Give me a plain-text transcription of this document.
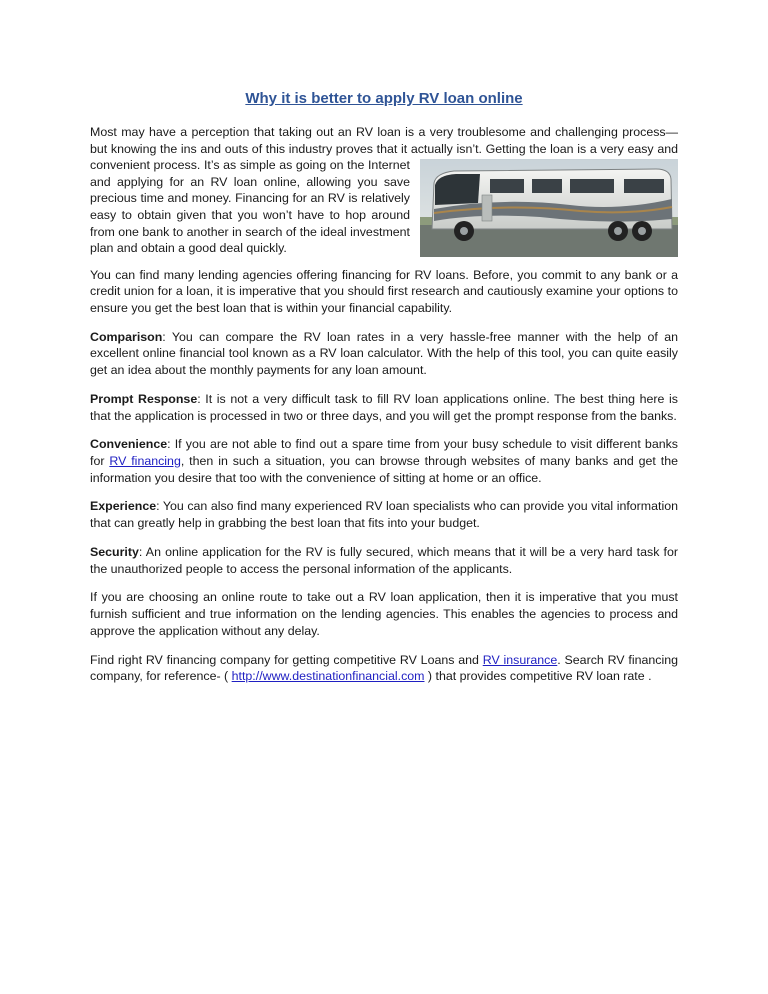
Why it is better to apply RV loan online

Most may have a perception that taking out an RV loan is a very troublesome and challenging process—but knowing the ins and outs of this industry proves that it actually isn’t. Getting the loan is a very easy and convenient process. It’s as simple as going on the Internet and applying for an RV loan online, allowing you save precious time and money. Financing for an RV is relatively easy to obtain given that you won’t have to hop around from one bank to another in search of the ideal investment plan and obtain a good deal quickly.

You can find many lending agencies offering financing for RV loans. Before, you commit to any bank or a credit union for a loan, it is imperative that you should first research and cautiously examine your options to ensure you get the best loan that is within your financial capability.

Comparison: You can compare the RV loan rates in a very hassle-free manner with the help of an excellent online financial tool known as a RV loan calculator. With the help of this tool, you can quite easily get an idea about the monthly payments for any loan amount.

Prompt Response: It is not a very difficult task to fill RV loan applications online. The best thing here is that the application is processed in two or three days, and you will get the prompt response from the banks.

Convenience: If you are not able to find out a spare time from your busy schedule to visit different banks for RV financing, then in such a situation, you can browse through websites of many banks and get the information you desire that too with the convenience of sitting at home or an office.

Experience: You can also find many experienced RV loan specialists who can provide you vital information that can greatly help in grabbing the best loan that fits into your budget.

Security: An online application for the RV is fully secured, which means that it will be a very hard task for the unauthorized people to access the personal information of the applicants.

If you are choosing an online route to take out a RV loan application, then it is imperative that you must furnish sufficient and true information on the lending agencies. This enables the agencies to process and approve the application without any delay.

Find right RV financing company for getting competitive RV Loans and RV insurance. Search RV financing company, for reference- ( http://www.destinationfinancial.com ) that provides competitive RV loan rate .
